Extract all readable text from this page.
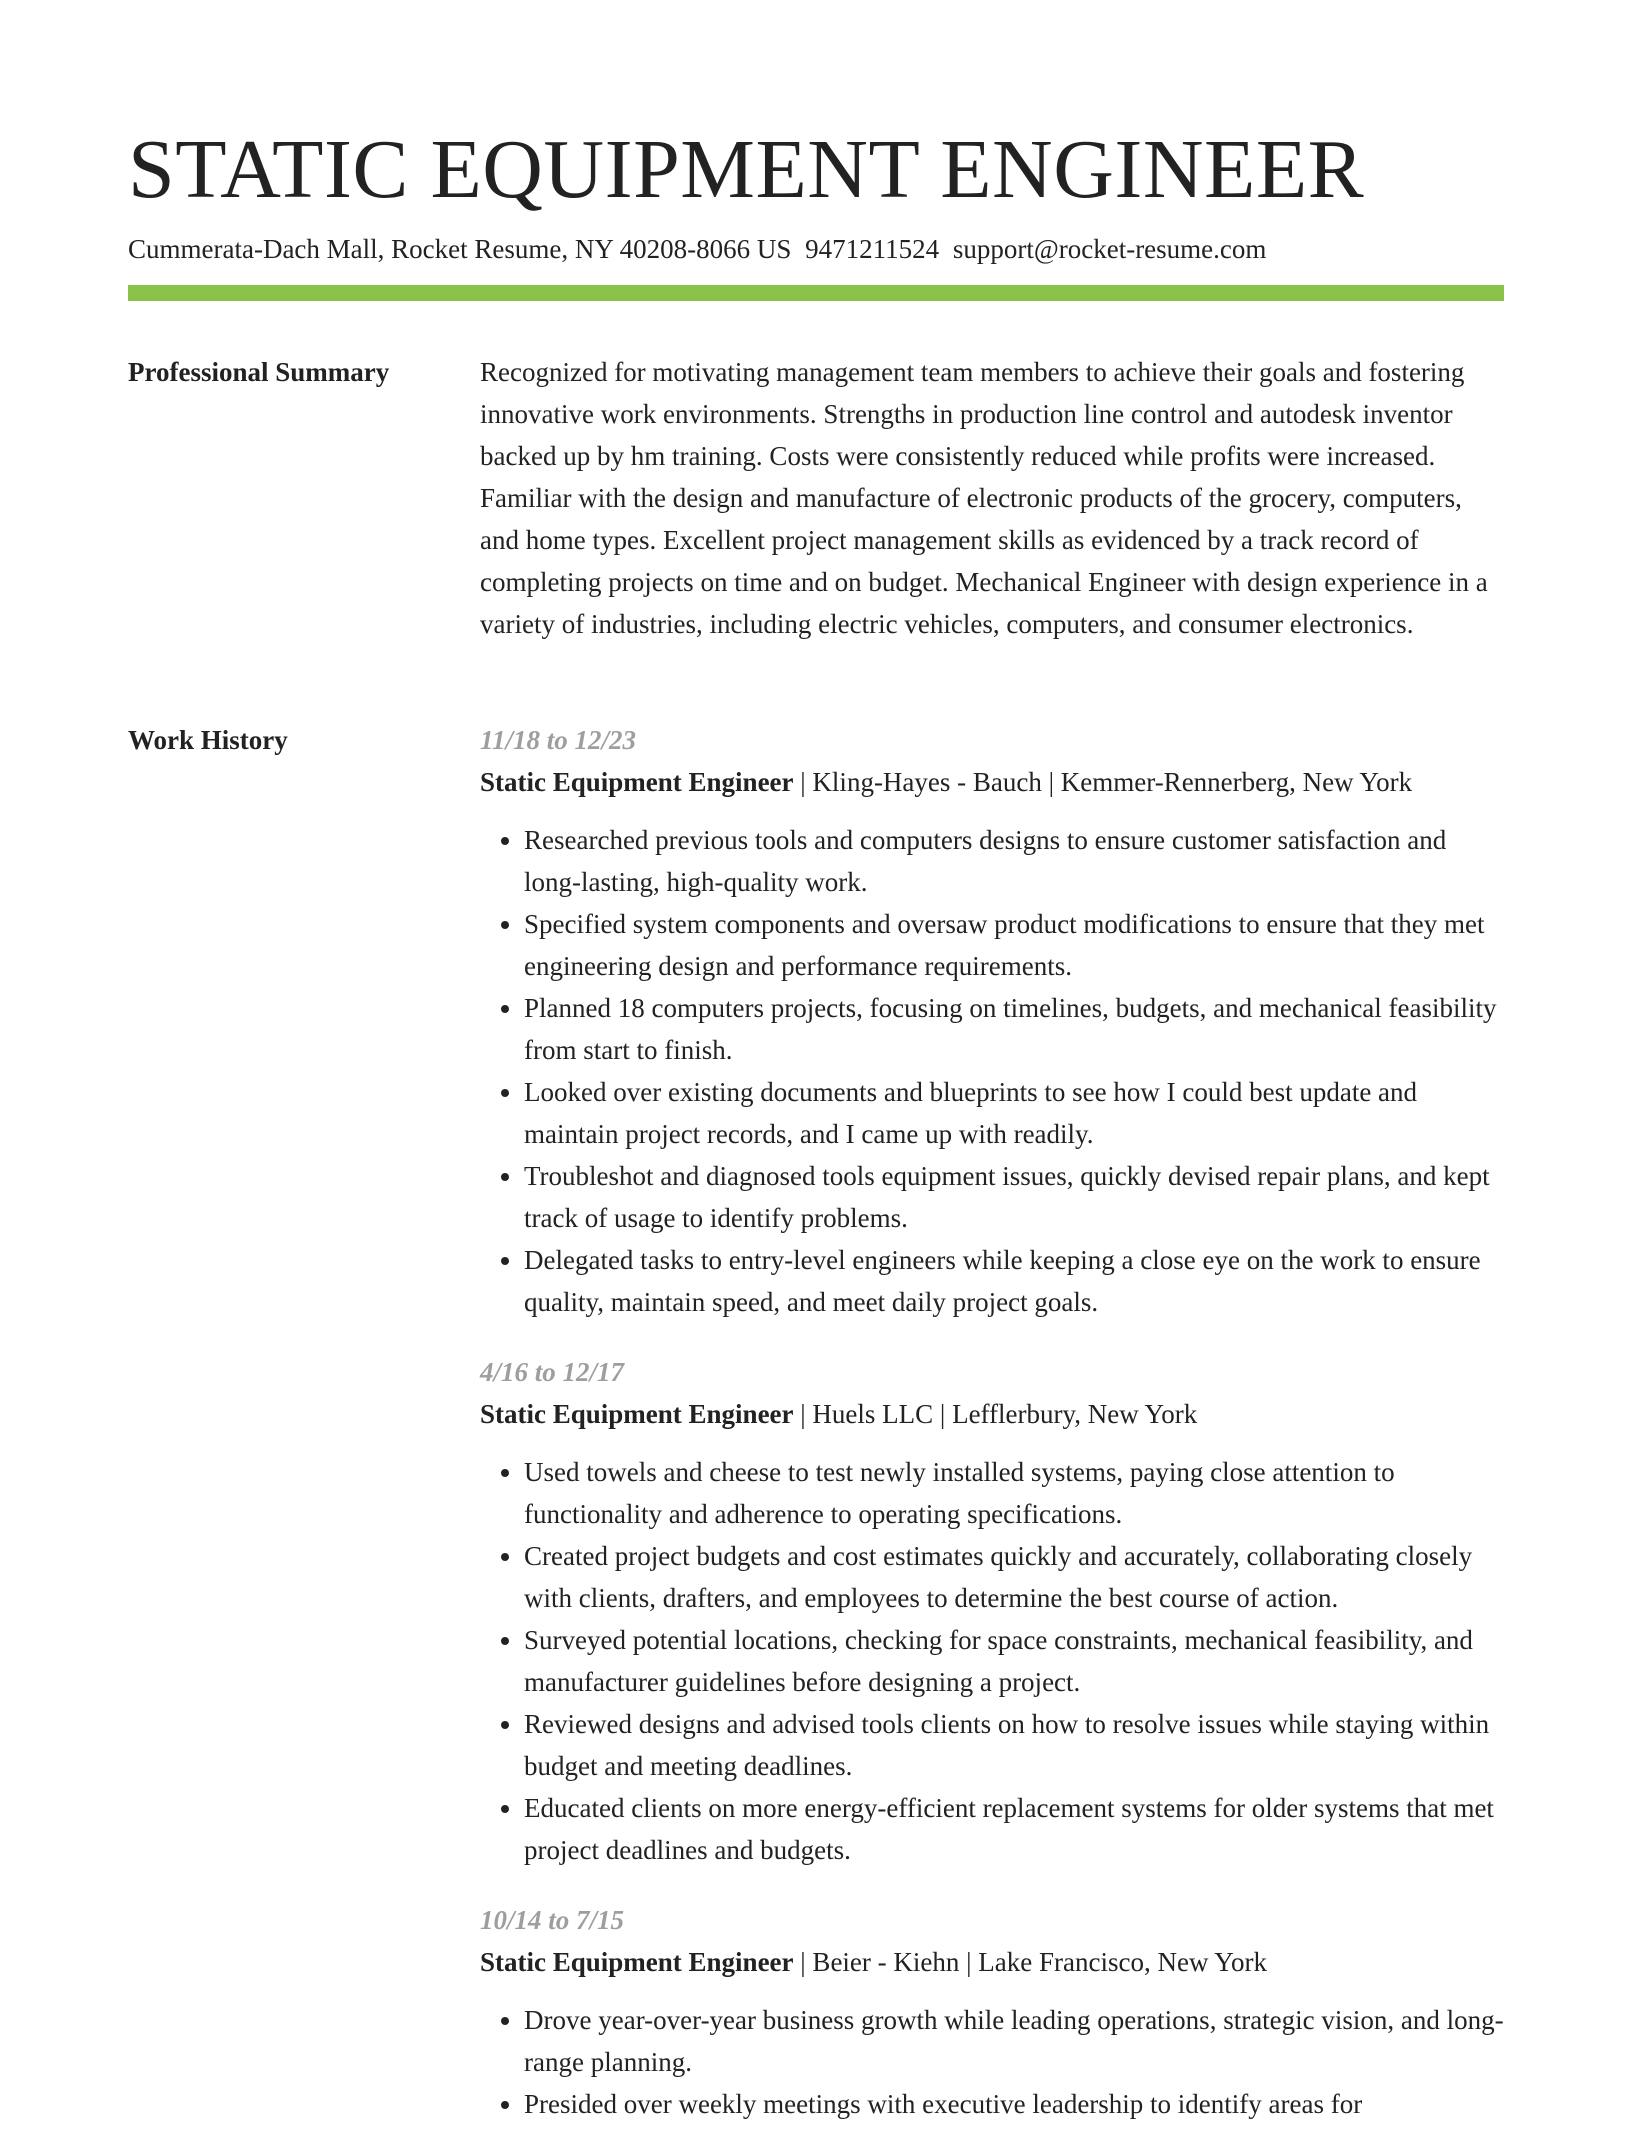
STATIC EQUIPMENT ENGINEER
Cummerata-Dach Mall, Rocket Resume, NY 40208-8066 US 9471211524 support@rocket-resume.com
Professional Summary	Recognized for motivating management team members to achieve their goals and fostering innovative work environments. Strengths in production line control and autodesk inventor backed up by hm training. Costs were consistently reduced while profits were increased. Familiar with the design and manufacture of electronic products of the grocery, computers, and home types. Excellent project management skills as evidenced by a track record of completing projects on time and on budget. Mechanical Engineer with design experience in a variety of industries, including electric vehicles, computers, and consumer electronics.

Work History	11/18 to 12/23
Static Equipment Engineer | Kling-Hayes - Bauch | Kemmer-Rennerberg, New York
• Researched previous tools and computers designs to ensure customer satisfaction and long-lasting, high-quality work.
• Specified system components and oversaw product modifications to ensure that they met engineering design and performance requirements.
• Planned 18 computers projects, focusing on timelines, budgets, and mechanical feasibility from start to finish.
• Looked over existing documents and blueprints to see how I could best update and maintain project records, and I came up with readily.
• Troubleshot and diagnosed tools equipment issues, quickly devised repair plans, and kept track of usage to identify problems.
• Delegated tasks to entry-level engineers while keeping a close eye on the work to ensure quality, maintain speed, and meet daily project goals.
4/16 to 12/17
Static Equipment Engineer | Huels LLC | Lefflerbury, New York
• Used towels and cheese to test newly installed systems, paying close attention to functionality and adherence to operating specifications.
• Created project budgets and cost estimates quickly and accurately, collaborating closely with clients, drafters, and employees to determine the best course of action.
• Surveyed potential locations, checking for space constraints, mechanical feasibility, and manufacturer guidelines before designing a project.
• Reviewed designs and advised tools clients on how to resolve issues while staying within budget and meeting deadlines.
• Educated clients on more energy-efficient replacement systems for older systems that met project deadlines and budgets.
10/14 to 7/15
Static Equipment Engineer | Beier - Kiehn | Lake Francisco, New York
• Drove year-over-year business growth while leading operations, strategic vision, and long-range planning.
• Presided over weekly meetings with executive leadership to identify areas for
